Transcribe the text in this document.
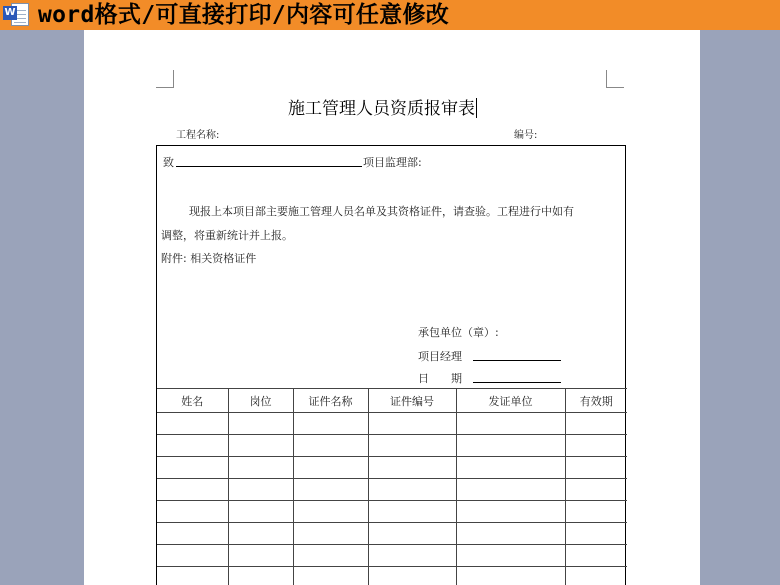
W word格式/可直接打印/内容可任意修改
施工管理人员资质报审表
工程名称:	编号:
致	项目监理部:
现报上本项目部主要施工管理人员名单及其资格证件，请查验。工程进行中如有
调整，将重新统计并上报。
附件: 相关资格证件
承包单位（章）:
项目经理
日　　期
姓名	岗位	证件名称	证件编号	发证单位	有效期
